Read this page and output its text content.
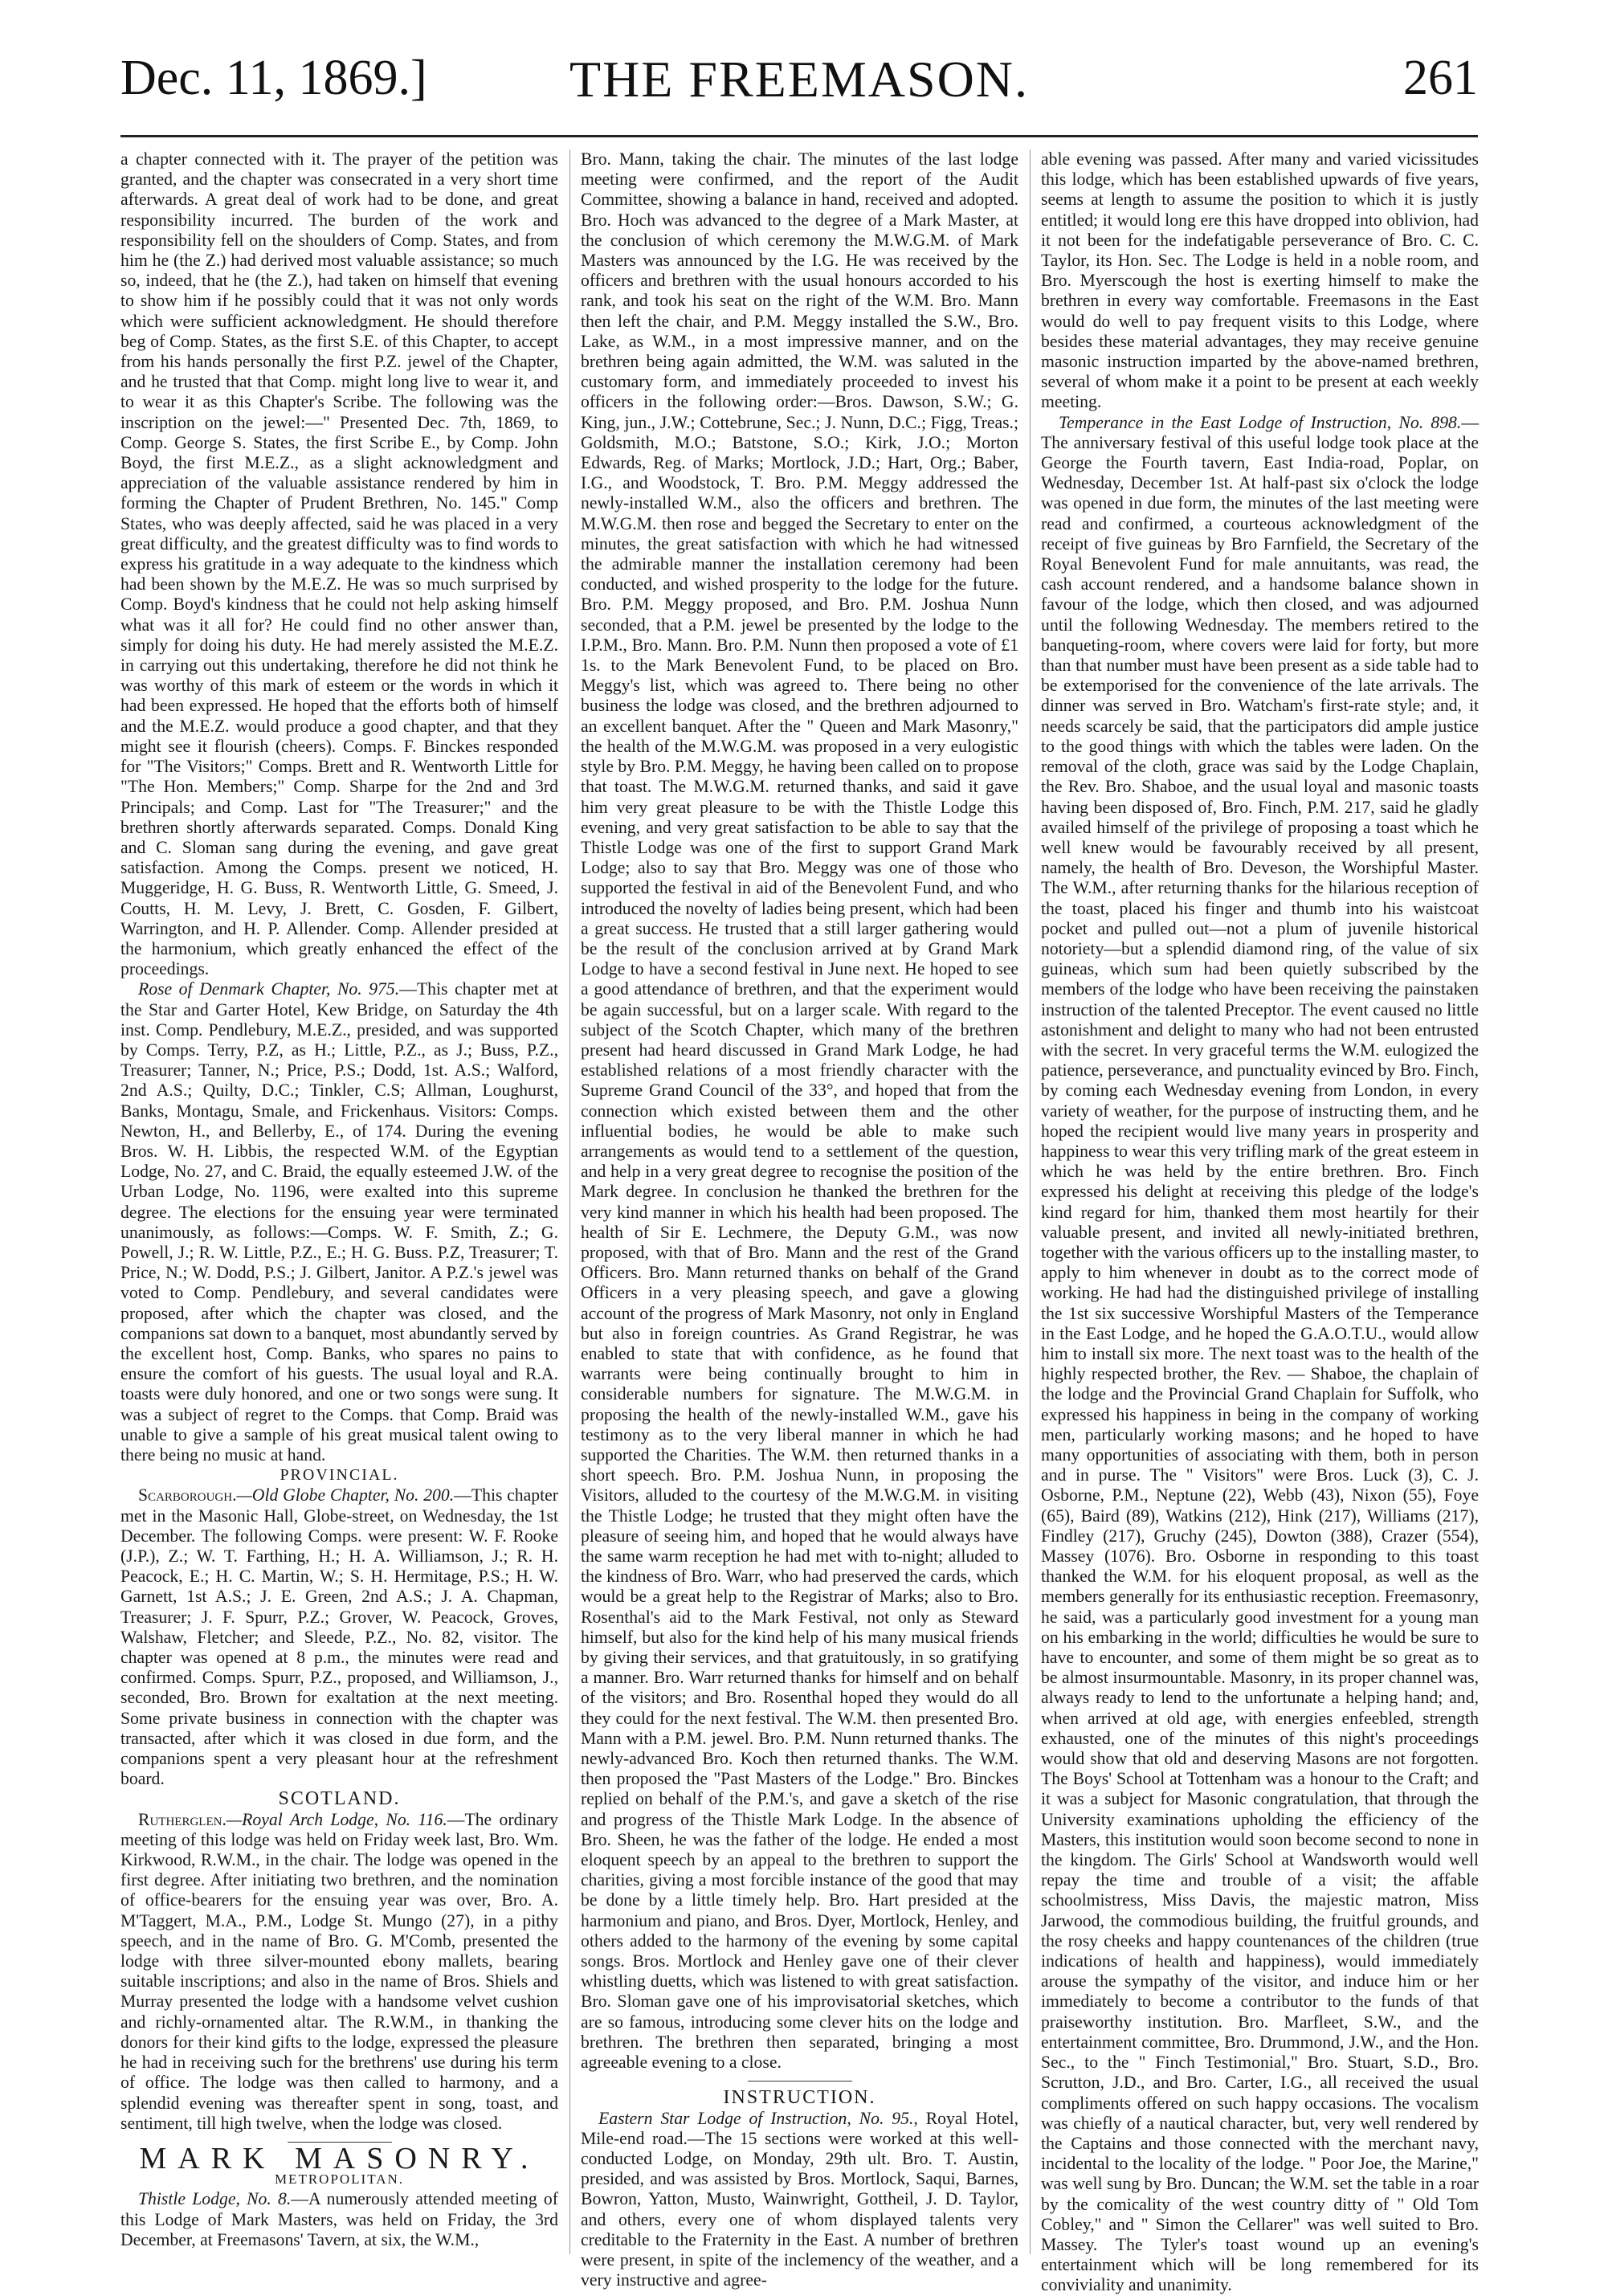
Dec. 11, 1869.]	THE FREEMASON.	261

a chapter connected with it. The prayer of the petition was granted, and the chapter was consecrated in a very short time afterwards. A great deal of work had to be done, and great responsibility incurred. The burden of the work and responsibility fell on the shoulders of Comp. States, and from him he (the Z.) had derived most valuable assistance; so much so, indeed, that he (the Z.), had taken on himself that evening to show him if he possibly could that it was not only words which were sufficient acknowledgment. He should therefore beg of Comp. States, as the first S.E. of this Chapter, to accept from his hands personally the first P.Z. jewel of the Chapter, and he trusted that that Comp. might long live to wear it, and to wear it as this Chapter's Scribe. The following was the inscription on the jewel:—" Presented Dec. 7th, 1869, to Comp. George S. States, the first Scribe E., by Comp. John Boyd, the first M.E.Z., as a slight acknowledgment and appreciation of the valuable assistance rendered by him in forming the Chapter of Prudent Brethren, No. 145." Comp States, who was deeply affected, said he was placed in a very great difficulty, and the greatest difficulty was to find words to express his gratitude in a way adequate to the kindness which had been shown by the M.E.Z. He was so much surprised by Comp. Boyd's kindness that he could not help asking himself what was it all for? He could find no other answer than, simply for doing his duty. He had merely assisted the M.E.Z. in carrying out this undertaking, therefore he did not think he was worthy of this mark of esteem or the words in which it had been expressed. He hoped that the efforts both of himself and the M.E.Z. would produce a good chapter, and that they might see it flourish (cheers). Comps. F. Binckes responded for "The Visitors;" Comps. Brett and R. Wentworth Little for "The Hon. Members;" Comp. Sharpe for the 2nd and 3rd Principals; and Comp. Last for "The Treasurer;" and the brethren shortly afterwards separated. Comps. Donald King and C. Sloman sang during the evening, and gave great satisfaction. Among the Comps. present we noticed, H. Muggeridge, H. G. Buss, R. Wentworth Little, G. Smeed, J. Coutts, H. M. Levy, J. Brett, C. Gosden, F. Gilbert, Warrington, and H. P. Allender. Comp. Allender presided at the harmonium, which greatly enhanced the effect of the proceedings.

Rose of Denmark Chapter, No. 975.—This chapter met at the Star and Garter Hotel, Kew Bridge, on Saturday the 4th inst. Comp. Pendlebury, M.E.Z., presided, and was supported by Comps. Terry, P.Z, as H.; Little, P.Z., as J.; Buss, P.Z., Treasurer; Tanner, N.; Price, P.S.; Dodd, 1st. A.S.; Walford, 2nd A.S.; Quilty, D.C.; Tinkler, C.S; Allman, Loughurst, Banks, Montagu, Smale, and Frickenhaus. Visitors: Comps. Newton, H., and Bellerby, E., of 174. During the evening Bros. W. H. Libbis, the respected W.M. of the Egyptian Lodge, No. 27, and C. Braid, the equally esteemed J.W. of the Urban Lodge, No. 1196, were exalted into this supreme degree. The elections for the ensuing year were terminated unanimously, as follows:—Comps. W. F. Smith, Z.; G. Powell, J.; R. W. Little, P.Z., E.; H. G. Buss. P.Z, Treasurer; T. Price, N.; W. Dodd, P.S.; J. Gilbert, Janitor. A P.Z.'s jewel was voted to Comp. Pendlebury, and several candidates were proposed, after which the chapter was closed, and the companions sat down to a banquet, most abundantly served by the excellent host, Comp. Banks, who spares no pains to ensure the comfort of his guests. The usual loyal and R.A. toasts were duly honored, and one or two songs were sung. It was a subject of regret to the Comps. that Comp. Braid was unable to give a sample of his great musical talent owing to there being no music at hand.

PROVINCIAL.

Scarborough.—Old Globe Chapter, No. 200.—This chapter met in the Masonic Hall, Globe-street, on Wednesday, the 1st December. The following Comps. were present: W. F. Rooke (J.P.), Z.; W. T. Farthing, H.; H. A. Williamson, J.; R. H. Peacock, E.; H. C. Martin, W.; S. H. Hermitage, P.S.; H. W. Garnett, 1st A.S.; J. E. Green, 2nd A.S.; J. A. Chapman, Treasurer; J. F. Spurr, P.Z.; Grover, W. Peacock, Groves, Walshaw, Fletcher; and Sleede, P.Z., No. 82, visitor. The chapter was opened at 8 p.m., the minutes were read and confirmed. Comps. Spurr, P.Z., proposed, and Williamson, J., seconded, Bro. Brown for exaltation at the next meeting. Some private business in connection with the chapter was transacted, after which it was closed in due form, and the companions spent a very pleasant hour at the refreshment board.

SCOTLAND.

Rutherglen.—Royal Arch Lodge, No. 116.—The ordinary meeting of this lodge was held on Friday week last, Bro. Wm. Kirkwood, R.W.M., in the chair. The lodge was opened in the first degree. After initiating two brethren, and the nomination of office-bearers for the ensuing year was over, Bro. A. M'Taggert, M.A., P.M., Lodge St. Mungo (27), in a pithy speech, and in the name of Bro. G. M'Comb, presented the lodge with three silver-mounted ebony mallets, bearing suitable inscriptions; and also in the name of Bros. Shiels and Murray presented the lodge with a handsome velvet cushion and richly-ornamented altar. The R.W.M., in thanking the donors for their kind gifts to the lodge, expressed the pleasure he had in receiving such for the brethrens' use during his term of office. The lodge was then called to harmony, and a splendid evening was thereafter spent in song, toast, and sentiment, till high twelve, when the lodge was closed.

MARK MASONRY.

METROPOLITAN.

Thistle Lodge, No. 8.—A numerously attended meeting of this Lodge of Mark Masters, was held on Friday, the 3rd December, at Freemasons' Tavern, at six, the W.M.,

Bro. Mann, taking the chair. The minutes of the last lodge meeting were confirmed, and the report of the Audit Committee, showing a balance in hand, received and adopted. Bro. Hoch was advanced to the degree of a Mark Master, at the conclusion of which ceremony the M.W.G.M. of Mark Masters was announced by the I.G. He was received by the officers and brethren with the usual honours accorded to his rank, and took his seat on the right of the W.M. Bro. Mann then left the chair, and P.M. Meggy installed the S.W., Bro. Lake, as W.M., in a most impressive manner, and on the brethren being again admitted, the W.M. was saluted in the customary form, and immediately proceeded to invest his officers in the following order:—Bros. Dawson, S.W.; G. King, jun., J.W.; Cottebrune, Sec.; J. Nunn, D.C.; Figg, Treas.; Goldsmith, M.O.; Batstone, S.O.; Kirk, J.O.; Morton Edwards, Reg. of Marks; Mortlock, J.D.; Hart, Org.; Baber, I.G., and Woodstock, T. Bro. P.M. Meggy addressed the newly-installed W.M., also the officers and brethren. The M.W.G.M. then rose and begged the Secretary to enter on the minutes, the great satisfaction with which he had witnessed the admirable manner the installation ceremony had been conducted, and wished prosperity to the lodge for the future. Bro. P.M. Meggy proposed, and Bro. P.M. Joshua Nunn seconded, that a P.M. jewel be presented by the lodge to the I.P.M., Bro. Mann. Bro. P.M. Nunn then proposed a vote of £1 1s. to the Mark Benevolent Fund, to be placed on Bro. Meggy's list, which was agreed to. There being no other business the lodge was closed, and the brethren adjourned to an excellent banquet. After the " Queen and Mark Masonry," the health of the M.W.G.M. was proposed in a very eulogistic style by Bro. P.M. Meggy, he having been called on to propose that toast. The M.W.G.M. returned thanks, and said it gave him very great pleasure to be with the Thistle Lodge this evening, and very great satisfaction to be able to say that the Thistle Lodge was one of the first to support Grand Mark Lodge; also to say that Bro. Meggy was one of those who supported the festival in aid of the Benevolent Fund, and who introduced the novelty of ladies being present, which had been a great success. He trusted that a still larger gathering would be the result of the conclusion arrived at by Grand Mark Lodge to have a second festival in June next. He hoped to see a good attendance of brethren, and that the experiment would be again successful, but on a larger scale. With regard to the subject of the Scotch Chapter, which many of the brethren present had heard discussed in Grand Mark Lodge, he had established relations of a most friendly character with the Supreme Grand Council of the 33°, and hoped that from the connection which existed between them and the other influential bodies, he would be able to make such arrangements as would tend to a settlement of the question, and help in a very great degree to recognise the position of the Mark degree. In conclusion he thanked the brethren for the very kind manner in which his health had been proposed. The health of Sir E. Lechmere, the Deputy G.M., was now proposed, with that of Bro. Mann and the rest of the Grand Officers. Bro. Mann returned thanks on behalf of the Grand Officers in a very pleasing speech, and gave a glowing account of the progress of Mark Masonry, not only in England but also in foreign countries. As Grand Registrar, he was enabled to state that with confidence, as he found that warrants were being continually brought to him in considerable numbers for signature. The M.W.G.M. in proposing the health of the newly-installed W.M., gave his testimony as to the very liberal manner in which he had supported the Charities. The W.M. then returned thanks in a short speech. Bro. P.M. Joshua Nunn, in proposing the Visitors, alluded to the courtesy of the M.W.G.M. in visiting the Thistle Lodge; he trusted that they might often have the pleasure of seeing him, and hoped that he would always have the same warm reception he had met with to-night; alluded to the kindness of Bro. Warr, who had preserved the cards, which would be a great help to the Registrar of Marks; also to Bro. Rosenthal's aid to the Mark Festival, not only as Steward himself, but also for the kind help of his many musical friends by giving their services, and that gratuitously, in so gratifying a manner. Bro. Warr returned thanks for himself and on behalf of the visitors; and Bro. Rosenthal hoped they would do all they could for the next festival. The W.M. then presented Bro. Mann with a P.M. jewel. Bro. P.M. Nunn returned thanks. The newly-advanced Bro. Koch then returned thanks. The W.M. then proposed the "Past Masters of the Lodge." Bro. Binckes replied on behalf of the P.M.'s, and gave a sketch of the rise and progress of the Thistle Mark Lodge. In the absence of Bro. Sheen, he was the father of the lodge. He ended a most eloquent speech by an appeal to the brethren to support the charities, giving a most forcible instance of the good that may be done by a little timely help. Bro. Hart presided at the harmonium and piano, and Bros. Dyer, Mortlock, Henley, and others added to the harmony of the evening by some capital songs. Bros. Mortlock and Henley gave one of their clever whistling duetts, which was listened to with great satisfaction. Bro. Sloman gave one of his improvisatorial sketches, which are so famous, introducing some clever hits on the lodge and brethren. The brethren then separated, bringing a most agreeable evening to a close.

INSTRUCTION.

Eastern Star Lodge of Instruction, No. 95., Royal Hotel, Mile-end road.—The 15 sections were worked at this well-conducted Lodge, on Monday, 29th ult. Bro. T. Austin, presided, and was assisted by Bros. Mortlock, Saqui, Barnes, Bowron, Yatton, Musto, Wainwright, Gottheil, J. D. Taylor, and others, every one of whom displayed talents very creditable to the Fraternity in the East. A number of brethren were present, in spite of the inclemency of the weather, and a very instructive and agree-

able evening was passed. After many and varied vicissitudes this lodge, which has been established upwards of five years, seems at length to assume the position to which it is justly entitled; it would long ere this have dropped into oblivion, had it not been for the indefatigable perseverance of Bro. C. C. Taylor, its Hon. Sec. The Lodge is held in a noble room, and Bro. Myerscough the host is exerting himself to make the brethren in every way comfortable. Freemasons in the East would do well to pay frequent visits to this Lodge, where besides these material advantages, they may receive genuine masonic instruction imparted by the above-named brethren, several of whom make it a point to be present at each weekly meeting.

Temperance in the East Lodge of Instruction, No. 898.—The anniversary festival of this useful lodge took place at the George the Fourth tavern, East India-road, Poplar, on Wednesday, December 1st. At half-past six o'clock the lodge was opened in due form, the minutes of the last meeting were read and confirmed, a courteous acknowledgment of the receipt of five guineas by Bro Farnfield, the Secretary of the Royal Benevolent Fund for male annuitants, was read, the cash account rendered, and a handsome balance shown in favour of the lodge, which then closed, and was adjourned until the following Wednesday. The members retired to the banqueting-room, where covers were laid for forty, but more than that number must have been present as a side table had to be extemporised for the convenience of the late arrivals. The dinner was served in Bro. Watcham's first-rate style; and, it needs scarcely be said, that the participators did ample justice to the good things with which the tables were laden. On the removal of the cloth, grace was said by the Lodge Chaplain, the Rev. Bro. Shaboe, and the usual loyal and masonic toasts having been disposed of, Bro. Finch, P.M. 217, said he gladly availed himself of the privilege of proposing a toast which he well knew would be favourably received by all present, namely, the health of Bro. Deveson, the Worshipful Master. The W.M., after returning thanks for the hilarious reception of the toast, placed his finger and thumb into his waistcoat pocket and pulled out—not a plum of juvenile historical notoriety—but a splendid diamond ring, of the value of six guineas, which sum had been quietly subscribed by the members of the lodge who have been receiving the painstaken instruction of the talented Preceptor. The event caused no little astonishment and delight to many who had not been entrusted with the secret. In very graceful terms the W.M. eulogized the patience, perseverance, and punctuality evinced by Bro. Finch, by coming each Wednesday evening from London, in every variety of weather, for the purpose of instructing them, and he hoped the recipient would live many years in prosperity and happiness to wear this very trifling mark of the great esteem in which he was held by the entire brethren. Bro. Finch expressed his delight at receiving this pledge of the lodge's kind regard for him, thanked them most heartily for their valuable present, and invited all newly-initiated brethren, together with the various officers up to the installing master, to apply to him whenever in doubt as to the correct mode of working. He had had the distinguished privilege of installing the 1st six successive Worshipful Masters of the Temperance in the East Lodge, and he hoped the G.A.O.T.U., would allow him to install six more. The next toast was to the health of the highly respected brother, the Rev. — Shaboe, the chaplain of the lodge and the Provincial Grand Chaplain for Suffolk, who expressed his happiness in being in the company of working men, particularly working masons; and he hoped to have many opportunities of associating with them, both in person and in purse. The " Visitors" were Bros. Luck (3), C. J. Osborne, P.M., Neptune (22), Webb (43), Nixon (55), Foye (65), Baird (89), Watkins (212), Hink (217), Williams (217), Findley (217), Gruchy (245), Dowton (388), Crazer (554), Massey (1076). Bro. Osborne in responding to this toast thanked the W.M. for his eloquent proposal, as well as the members generally for its enthusiastic reception. Freemasonry, he said, was a particularly good investment for a young man on his embarking in the world; difficulties he would be sure to have to encounter, and some of them might be so great as to be almost insurmountable. Masonry, in its proper channel was, always ready to lend to the unfortunate a helping hand; and, when arrived at old age, with energies enfeebled, strength exhausted, one of the minutes of this night's proceedings would show that old and deserving Masons are not forgotten. The Boys' School at Tottenham was a honour to the Craft; and it was a subject for Masonic congratulation, that through the University examinations upholding the efficiency of the Masters, this institution would soon become second to none in the kingdom. The Girls' School at Wandsworth would well repay the time and trouble of a visit; the affable schoolmistress, Miss Davis, the majestic matron, Miss Jarwood, the commodious building, the fruitful grounds, and the rosy cheeks and happy countenances of the children (true indications of health and happiness), would immediately arouse the sympathy of the visitor, and induce him or her immediately to become a contributor to the funds of that praiseworthy institution. Bro. Marfleet, S.W., and the entertainment committee, Bro. Drummond, J.W., and the Hon. Sec., to the " Finch Testimonial," Bro. Stuart, S.D., Bro. Scrutton, J.D., and Bro. Carter, I.G., all received the usual compliments offered on such happy occasions. The vocalism was chiefly of a nautical character, but, very well rendered by the Captains and those connected with the merchant navy, incidental to the locality of the lodge. " Poor Joe, the Marine," was well sung by Bro. Duncan; the W.M. set the table in a roar by the comicality of the west country ditty of " Old Tom Cobley," and " Simon the Cellarer" was well suited to Bro. Massey. The Tyler's toast wound up an evening's entertainment which will be long remembered for its conviviality and unanimity.
